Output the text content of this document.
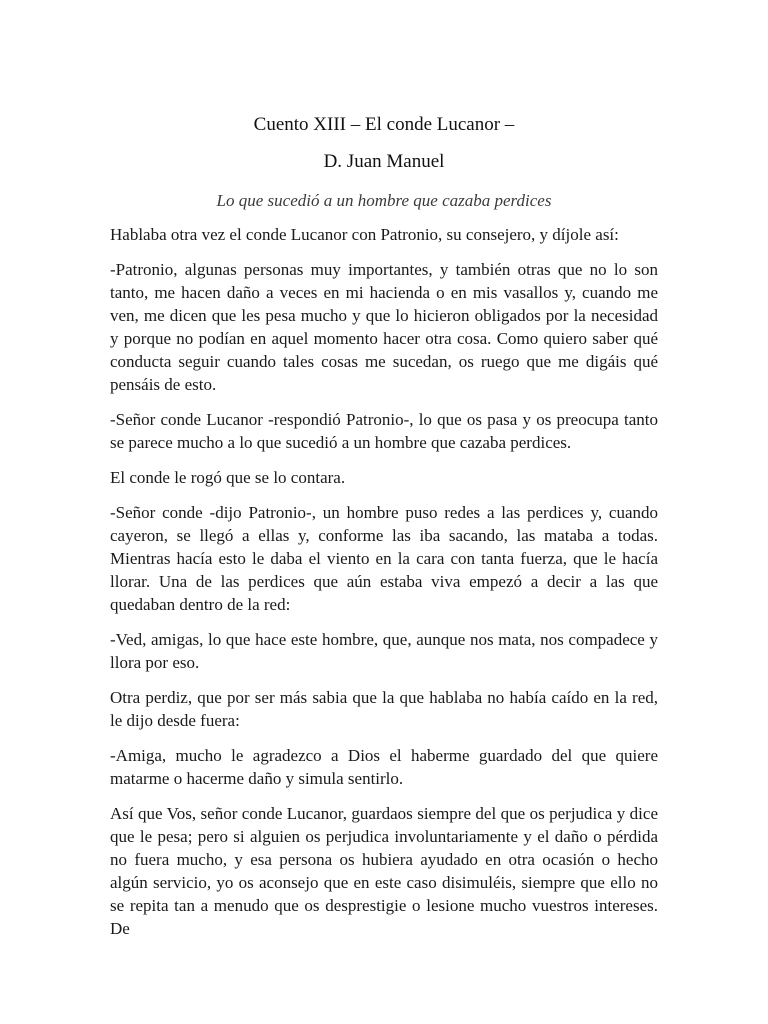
Cuento XIII – El conde Lucanor –
D. Juan Manuel
Lo que sucedió a un hombre que cazaba perdices

Hablaba otra vez el conde Lucanor con Patronio, su consejero, y díjole así:

-Patronio, algunas personas muy importantes, y también otras que no lo son tanto, me hacen daño a veces en mi hacienda o en mis vasallos y, cuando me ven, me dicen que les pesa mucho y que lo hicieron obligados por la necesidad y porque no podían en aquel momento hacer otra cosa. Como quiero saber qué conducta seguir cuando tales cosas me sucedan, os ruego que me digáis qué pensáis de esto.

-Señor conde Lucanor -respondió Patronio-, lo que os pasa y os preocupa tanto se parece mucho a lo que sucedió a un hombre que cazaba perdices.

El conde le rogó que se lo contara.

-Señor conde -dijo Patronio-, un hombre puso redes a las perdices y, cuando cayeron, se llegó a ellas y, conforme las iba sacando, las mataba a todas. Mientras hacía esto le daba el viento en la cara con tanta fuerza, que le hacía llorar. Una de las perdices que aún estaba viva empezó a decir a las que quedaban dentro de la red:

-Ved, amigas, lo que hace este hombre, que, aunque nos mata, nos compadece y llora por eso.

Otra perdiz, que por ser más sabia que la que hablaba no había caído en la red, le dijo desde fuera:

-Amiga, mucho le agradezco a Dios el haberme guardado del que quiere matarme o hacerme daño y simula sentirlo.

Así que Vos, señor conde Lucanor, guardaos siempre del que os perjudica y dice que le pesa; pero si alguien os perjudica involuntariamente y el daño o pérdida no fuera mucho, y esa persona os hubiera ayudado en otra ocasión o hecho algún servicio, yo os aconsejo que en este caso disimuléis, siempre que ello no se repita tan a menudo que os desprestigie o lesione mucho vuestros intereses. De
